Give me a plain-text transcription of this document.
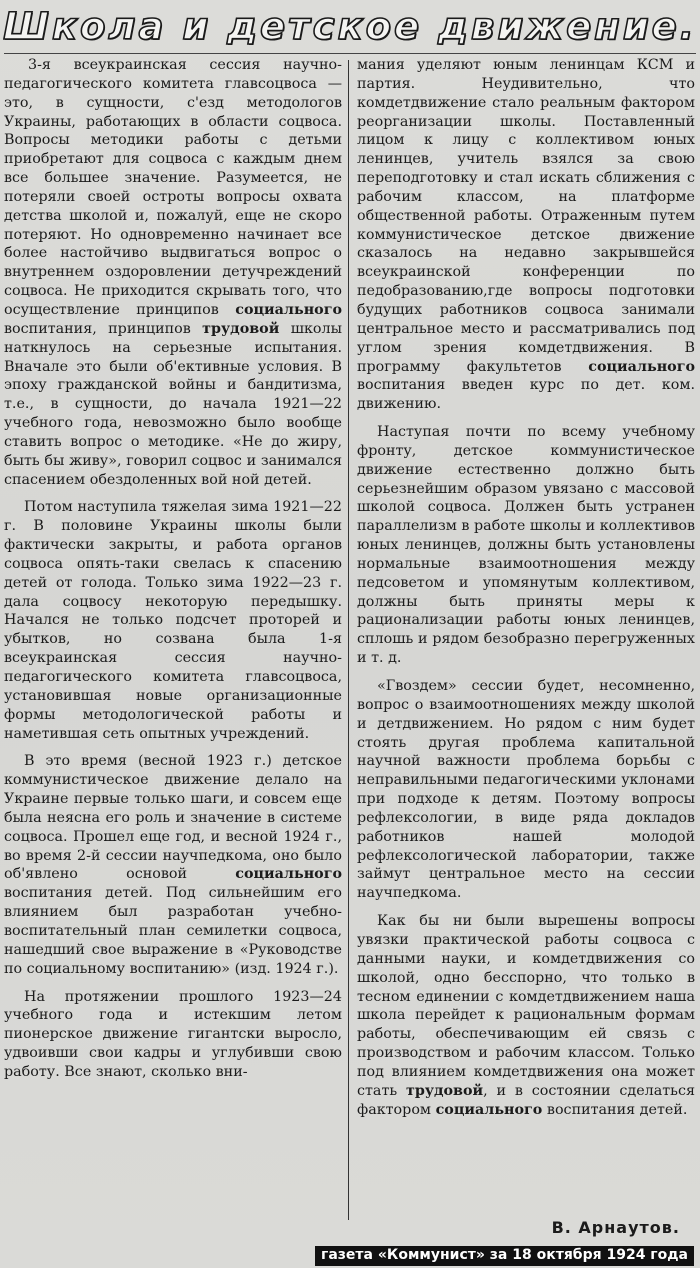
Школа и детское движение.

3-я всеукраинская сессия научно-педагогического комитета главсоцвоса — это, в сущности, с'езд методологов Украины, работающих в области соцвоса. Вопросы методики работы с детьми приобретают для соцвоса с каждым днем все большее значение. Разумеется, не потеряли своей остроты вопросы охвата детства школой и, пожалуй, еще не скоро потеряют. Но одновременно начинает все более настойчиво выдвигаться вопрос о внутреннем оздоровлении детучреждений соцвоса. Не приходится скрывать того, что осуществление принципов социального воспитания, принципов трудовой школы наткнулось на серьезные испытания. Вначале это были об'ективные условия. В эпоху гражданской войны и бандитизма, т.е., в сущности, до начала 1921—22 учебного года, невозможно было вообще ставить вопрос о методике. «Не до жиру, быть бы живу», говорил соцвос и занимался спасением обездоленных вой ной детей.

Потом наступила тяжелая зима 1921—22 г. В половине Украины школы были фактически закрыты, и работа органов соцвоса опять-таки свелась к спасению детей от голода. Только зима 1922—23 г. дала соцвосу некоторую передышку. Начался не только подсчет проторей и убытков, но созвана была 1-я всеукраинская сессия научно-педагогического комитета главсоцвоса, установившая новые организационные формы методологической работы и наметившая сеть опытных учреждений.

В это время (весной 1923 г.) детское коммунистическое движение делало на Украине первые только шаги, и совсем еще была неясна его роль и значение в системе соцвоса. Прошел еще год, и весной 1924 г., во время 2-й сессии научпедкома, оно было об'явлено основой социального воспитания детей. Под сильнейшим его влиянием был разработан учебно-воспитательный план семилетки соцвоса, нашедший свое выражение в «Руководстве по социальному воспитанию» (изд. 1924 г.).

На протяжении прошлого 1923—24 учебного года и истекшим летом пионерское движение гигантски выросло, удвоивши свои кадры и углубивши свою работу. Все знают, сколько вни-

мания уделяют юным ленинцам КСМ и партия. Неудивительно, что комдетдвижение стало реальным фактором реорганизации школы. Поставленный лицом к лицу с коллективом юных ленинцев, учитель взялся за свою переподготовку и стал искать сближения с рабочим классом, на платформе общественной работы. Отраженным путем коммунистическое детское движение сказалось на недавно закрывшейся всеукраинской конференции по педобразованию,где вопросы подготовки будущих работников соцвоса занимали центральное место и рассматривались под углом зрения комдетдвижения. В программу факультетов социального воспитания введен курс по дет. ком. движению.

Наступая почти по всему учебному фронту, детское коммунистическое движение естественно должно быть серьезнейшим образом увязано с массовой школой соцвоса. Должен быть устранен параллелизм в работе школы и коллективов юных ленинцев, должны быть установлены нормальные взаимоотношения между педсоветом и упомянутым коллективом, должны быть приняты меры к рационализации работы юных ленинцев, сплошь и рядом безобразно перегруженных и т. д.

«Гвоздем» сессии будет, несомненно, вопрос о взаимоотношениях между школой и детдвижением. Но рядом с ним будет стоять другая проблема капитальной научной важности проблема борьбы с неправильными педагогическими уклонами при подходе к детям. Поэтому вопросы рефлексологии, в виде ряда докладов работников нашей молодой рефлексологической лаборатории, также займут центральное место на сессии научпедкома.

Как бы ни были вырешены вопросы увязки практической работы соцвоса с данными науки, и комдетдвижения со школой, одно бесспорно, что только в тесном единении с комдетдвижением наша школа перейдет к рациональным формам работы, обеспечивающим ей связь с производством и рабочим классом. Только под влиянием комдетдвижения она может стать трудовой, и в состоянии сделаться фактором социального воспитания детей.

В. Арнаутов.
газета «Коммунист» за 18 октября 1924 года
